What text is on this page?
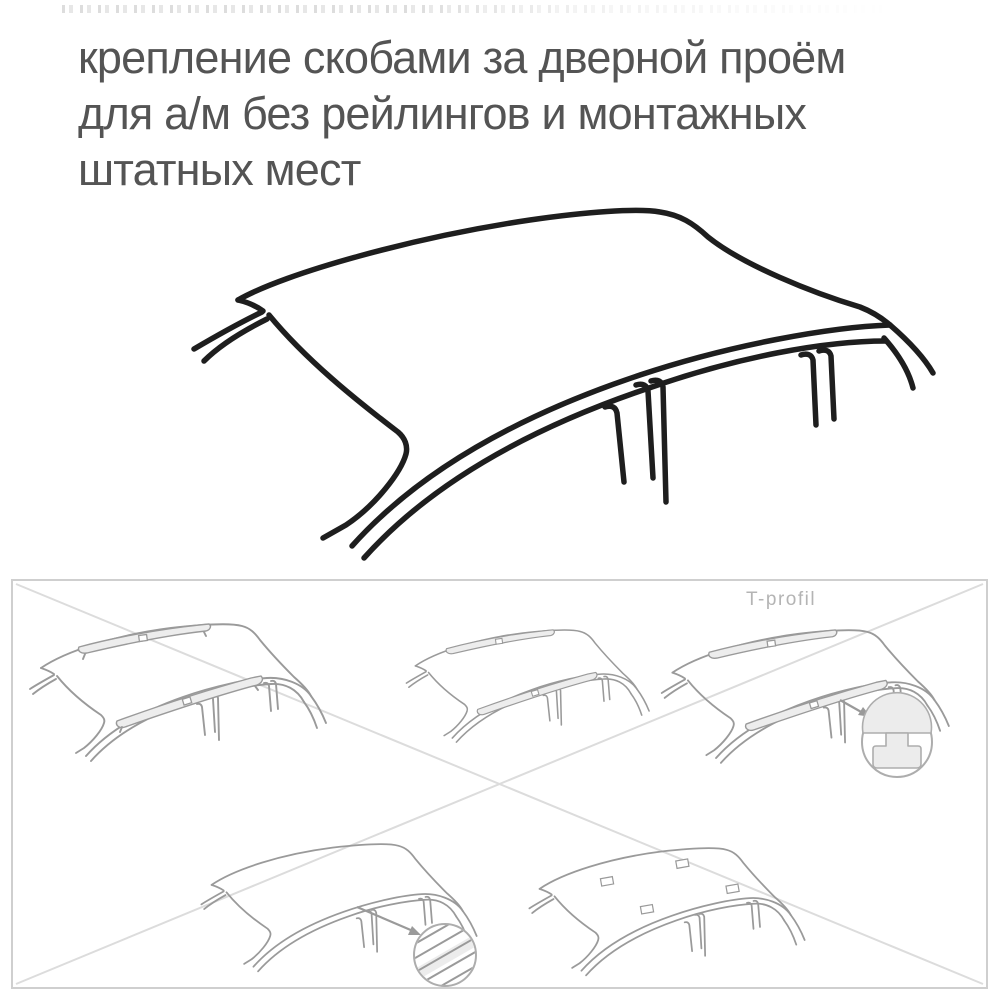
крепление скобами за дверной проём
для а/м без рейлингов и монтажных
штатных мест
T-profil
